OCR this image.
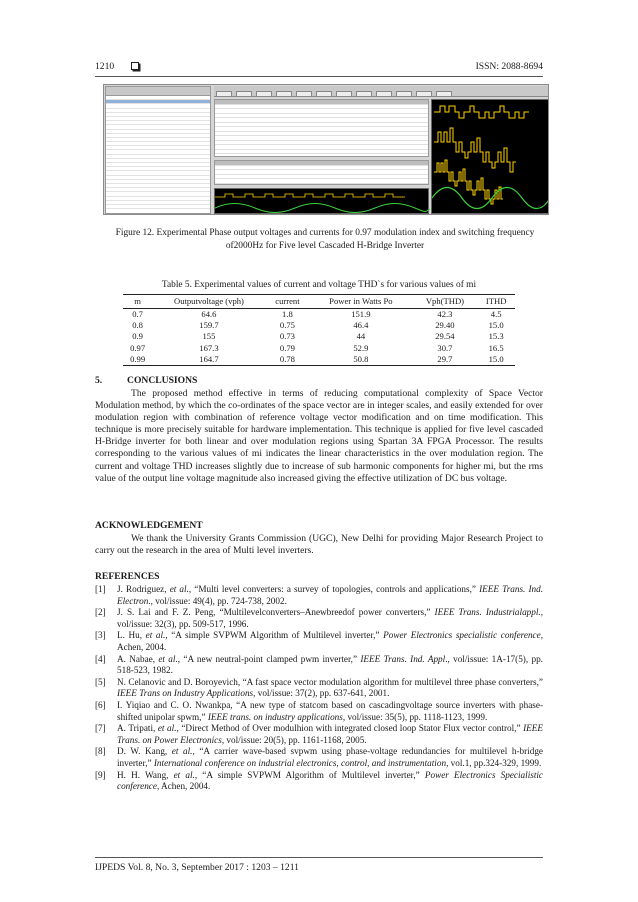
1210	ISSN: 2088-8694
Figure 12. Experimental Phase output voltages and currents for 0.97 modulation index and switching frequency of2000Hz for Five level Cascaded H-Bridge Inverter
Table 5. Experimental values of current and voltage THD`s for various values of mi
m	Outputvoltage (vph)	current	Power in Watts Po	Vph(THD)	ITHD
0.7	64.6	1.8	151.9	42.3	4.5
0.8	159.7	0.75	46.4	29.40	15.0
0.9	155	0.73	44	29.54	15.3
0.97	167.3	0.79	52.9	30.7	16.5
0.99	164.7	0.78	50.8	29.7	15.0
5.	CONCLUSIONS
The proposed method effective in terms of reducing computational complexity of Space Vector Modulation method, by which the co-ordinates of the space vector are in integer scales, and easily extended for over modulation region with combination of reference voltage vector modification and on time modification. This technique is more precisely suitable for hardware implementation. This technique is applied for five level cascaded H-Bridge inverter for both linear and over modulation regions using Spartan 3A FPGA Processor. The results corresponding to the various values of mi indicates the linear characteristics in the over modulation region. The current and voltage THD increases slightly due to increase of sub harmonic components for higher mi, but the rms value of the output line voltage magnitude also increased giving the effective utilization of DC bus voltage.
ACKNOWLEDGEMENT
We thank the University Grants Commission (UGC), New Delhi for providing Major Research Project to carry out the research in the area of Multi level inverters.
REFERENCES
[1] J. Rodriguez, et al., “Multi level converters: a survey of topologies, controls and applications,” IEEE Trans. Ind. Electron., vol/issue: 49(4), pp. 724-738, 2002.
[2] J. S. Lai and F. Z. Peng, “Multilevelconverters–Anewbreedof power converters,” IEEE Trans. Industrialappl., vol/issue: 32(3), pp. 509-517, 1996.
[3] L. Hu, et al., “A simple SVPWM Algorithm of Multilevel inverter,” Power Electronics specialistic conference, Achen, 2004.
[4] A. Nabae, et al., “A new neutral-point clamped pwm inverter,” IEEE Trans. Ind. Appl., vol/issue: 1A-17(5), pp. 518-523, 1982.
[5] N. Celanovic and D. Boroyevich, “A fast space vector modulation algorithm for multilevel three phase converters,” IEEE Trans on Industry Applications, vol/issue: 37(2), pp. 637-641, 2001.
[6] I. Yiqiao and C. O. Nwankpa, “A new type of statcom based on cascadingvoltage source inverters with phase-shifted unipolar spwm,” IEEE trans. on industry applications, vol/issue: 35(5), pp. 1118-1123, 1999.
[7] A. Tripati, et al., “Direct Method of Over modulhion with integrated closed loop Stator Flux vector control,” IEEE Trans. on Power Electronics, vol/issue: 20(5), pp. 1161-1168, 2005.
[8] D. W. Kang, et al., “A carrier wave-based svpwm using phase-voltage redundancies for multilevel h-bridge inverter,” International conference on industrial electronics, control, and instrumentation, vol.1, pp.324-329, 1999.
[9] H. H. Wang, et al., “A simple SVPWM Algorithm of Multilevel inverter,” Power Electronics Specialistic conference, Achen, 2004.
IJPEDS Vol. 8, No. 3, September 2017 : 1203 – 1211
